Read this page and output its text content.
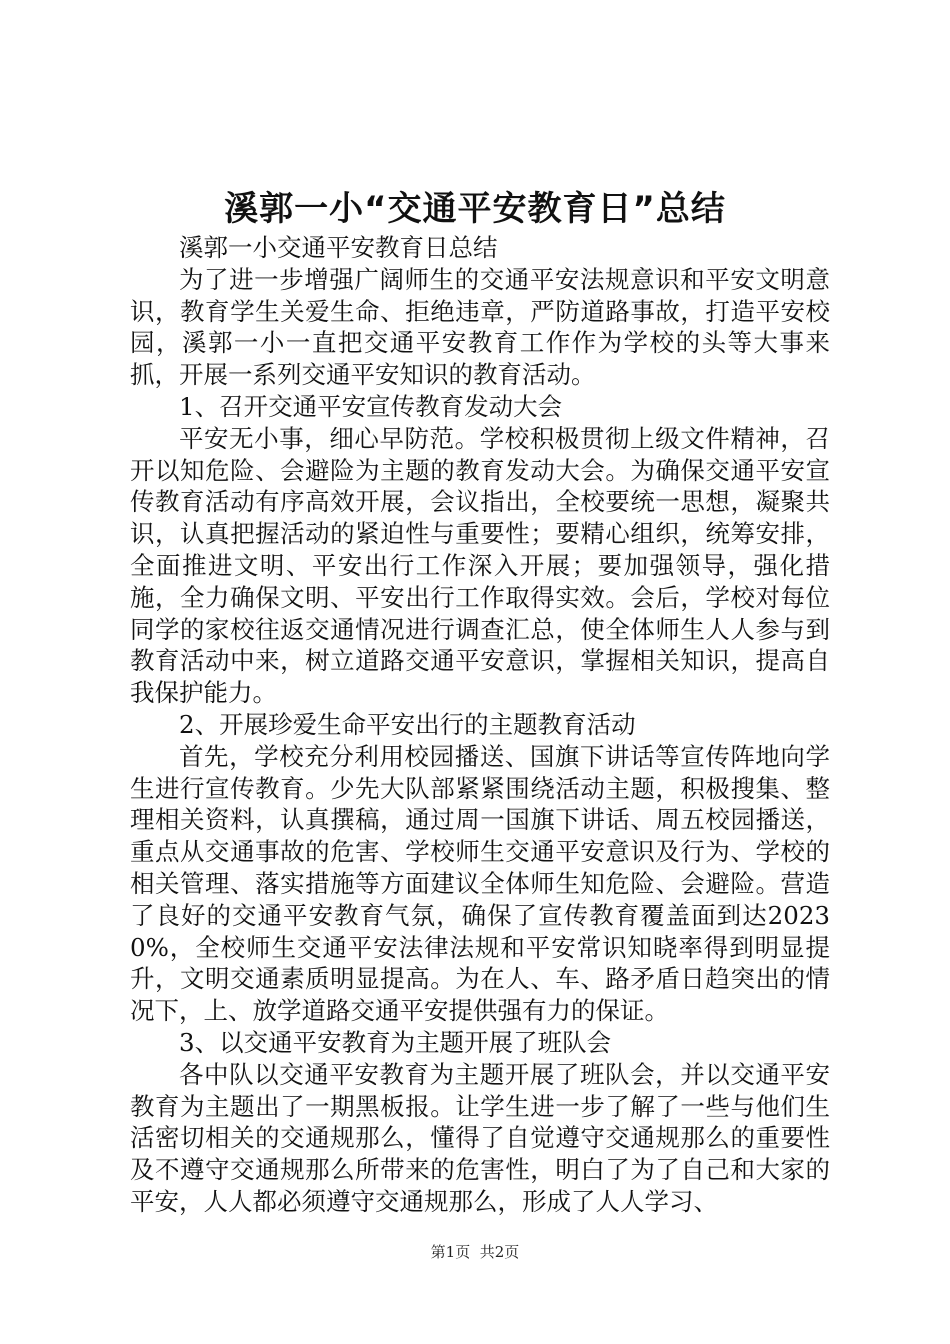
溪郭一小“交通平安教育日”总结

溪郭一小交通平安教育日总结

为了进一步增强广阔师生的交通平安法规意识和平安文明意识，教育学生关爱生命、拒绝违章，严防道路事故，打造平安校园，溪郭一小一直把交通平安教育工作作为学校的头等大事来抓，开展一系列交通平安知识的教育活动。

1、召开交通平安宣传教育发动大会

平安无小事，细心早防范。学校积极贯彻上级文件精神，召开以知危险、会避险为主题的教育发动大会。为确保交通平安宣传教育活动有序高效开展，会议指出，全校要统一思想，凝聚共识，认真把握活动的紧迫性与重要性；要精心组织，统筹安排，全面推进文明、平安出行工作深入开展；要加强领导，强化措施，全力确保文明、平安出行工作取得实效。会后，学校对每位同学的家校往返交通情况进行调查汇总，使全体师生人人参与到教育活动中来，树立道路交通平安意识，掌握相关知识，提高自我保护能力。

2、开展珍爱生命平安出行的主题教育活动

首先，学校充分利用校园播送、国旗下讲话等宣传阵地向学生进行宣传教育。少先大队部紧紧围绕活动主题，积极搜集、整理相关资料，认真撰稿，通过周一国旗下讲话、周五校园播送，重点从交通事故的危害、学校师生交通平安意识及行为、学校的相关管理、落实措施等方面建议全体师生知危险、会避险。营造了良好的交通平安教育气氛，确保了宣传教育覆盖面到达20230%，全校师生交通平安法律法规和平安常识知晓率得到明显提升，文明交通素质明显提高。为在人、车、路矛盾日趋突出的情况下，上、放学道路交通平安提供强有力的保证。

3、以交通平安教育为主题开展了班队会

各中队以交通平安教育为主题开展了班队会，并以交通平安教育为主题出了一期黑板报。让学生进一步了解了一些与他们生活密切相关的交通规那么，懂得了自觉遵守交通规那么的重要性及不遵守交通规那么所带来的危害性，明白了为了自己和大家的平安，人人都必须遵守交通规那么，形成了人人学习、

第1页 共2页
